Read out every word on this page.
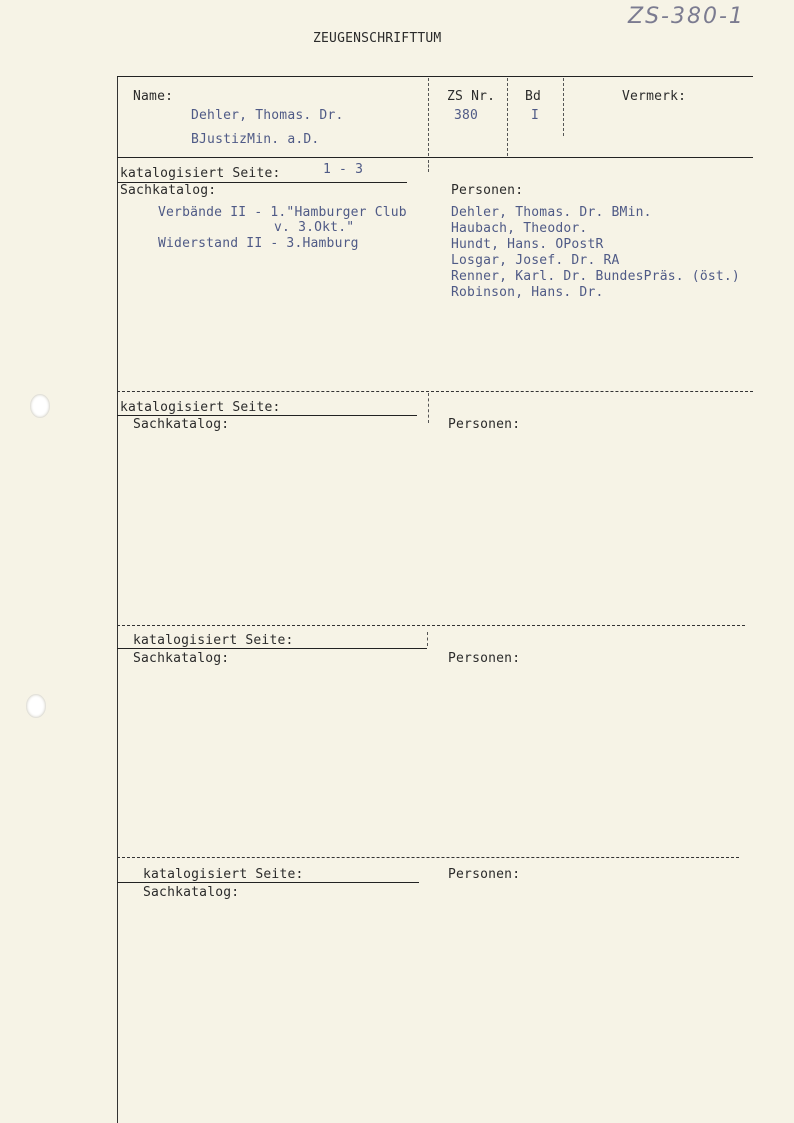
ZS-380-1
ZEUGENSCHRIFTTUM
Name:
Dehler, Thomas. Dr.
BJustizMin. a.D.
ZS Nr.
380
Bd
I
Vermerk:
katalogisiert Seite:	1 - 3
Sachkatalog:
Verbände II - 1."Hamburger Club
v. 3.Okt."
Widerstand II - 3.Hamburg
Personen:
Dehler, Thomas. Dr. BMin.
Haubach, Theodor.
Hundt, Hans. OPostR
Losgar, Josef. Dr. RA
Renner, Karl. Dr. BundesPräs. (öst.)
Robinson, Hans. Dr.
katalogisiert Seite:
Sachkatalog:	Personen:
katalogisiert Seite:
Sachkatalog:	Personen:
katalogisiert Seite:
Sachkatalog:
Personen:
